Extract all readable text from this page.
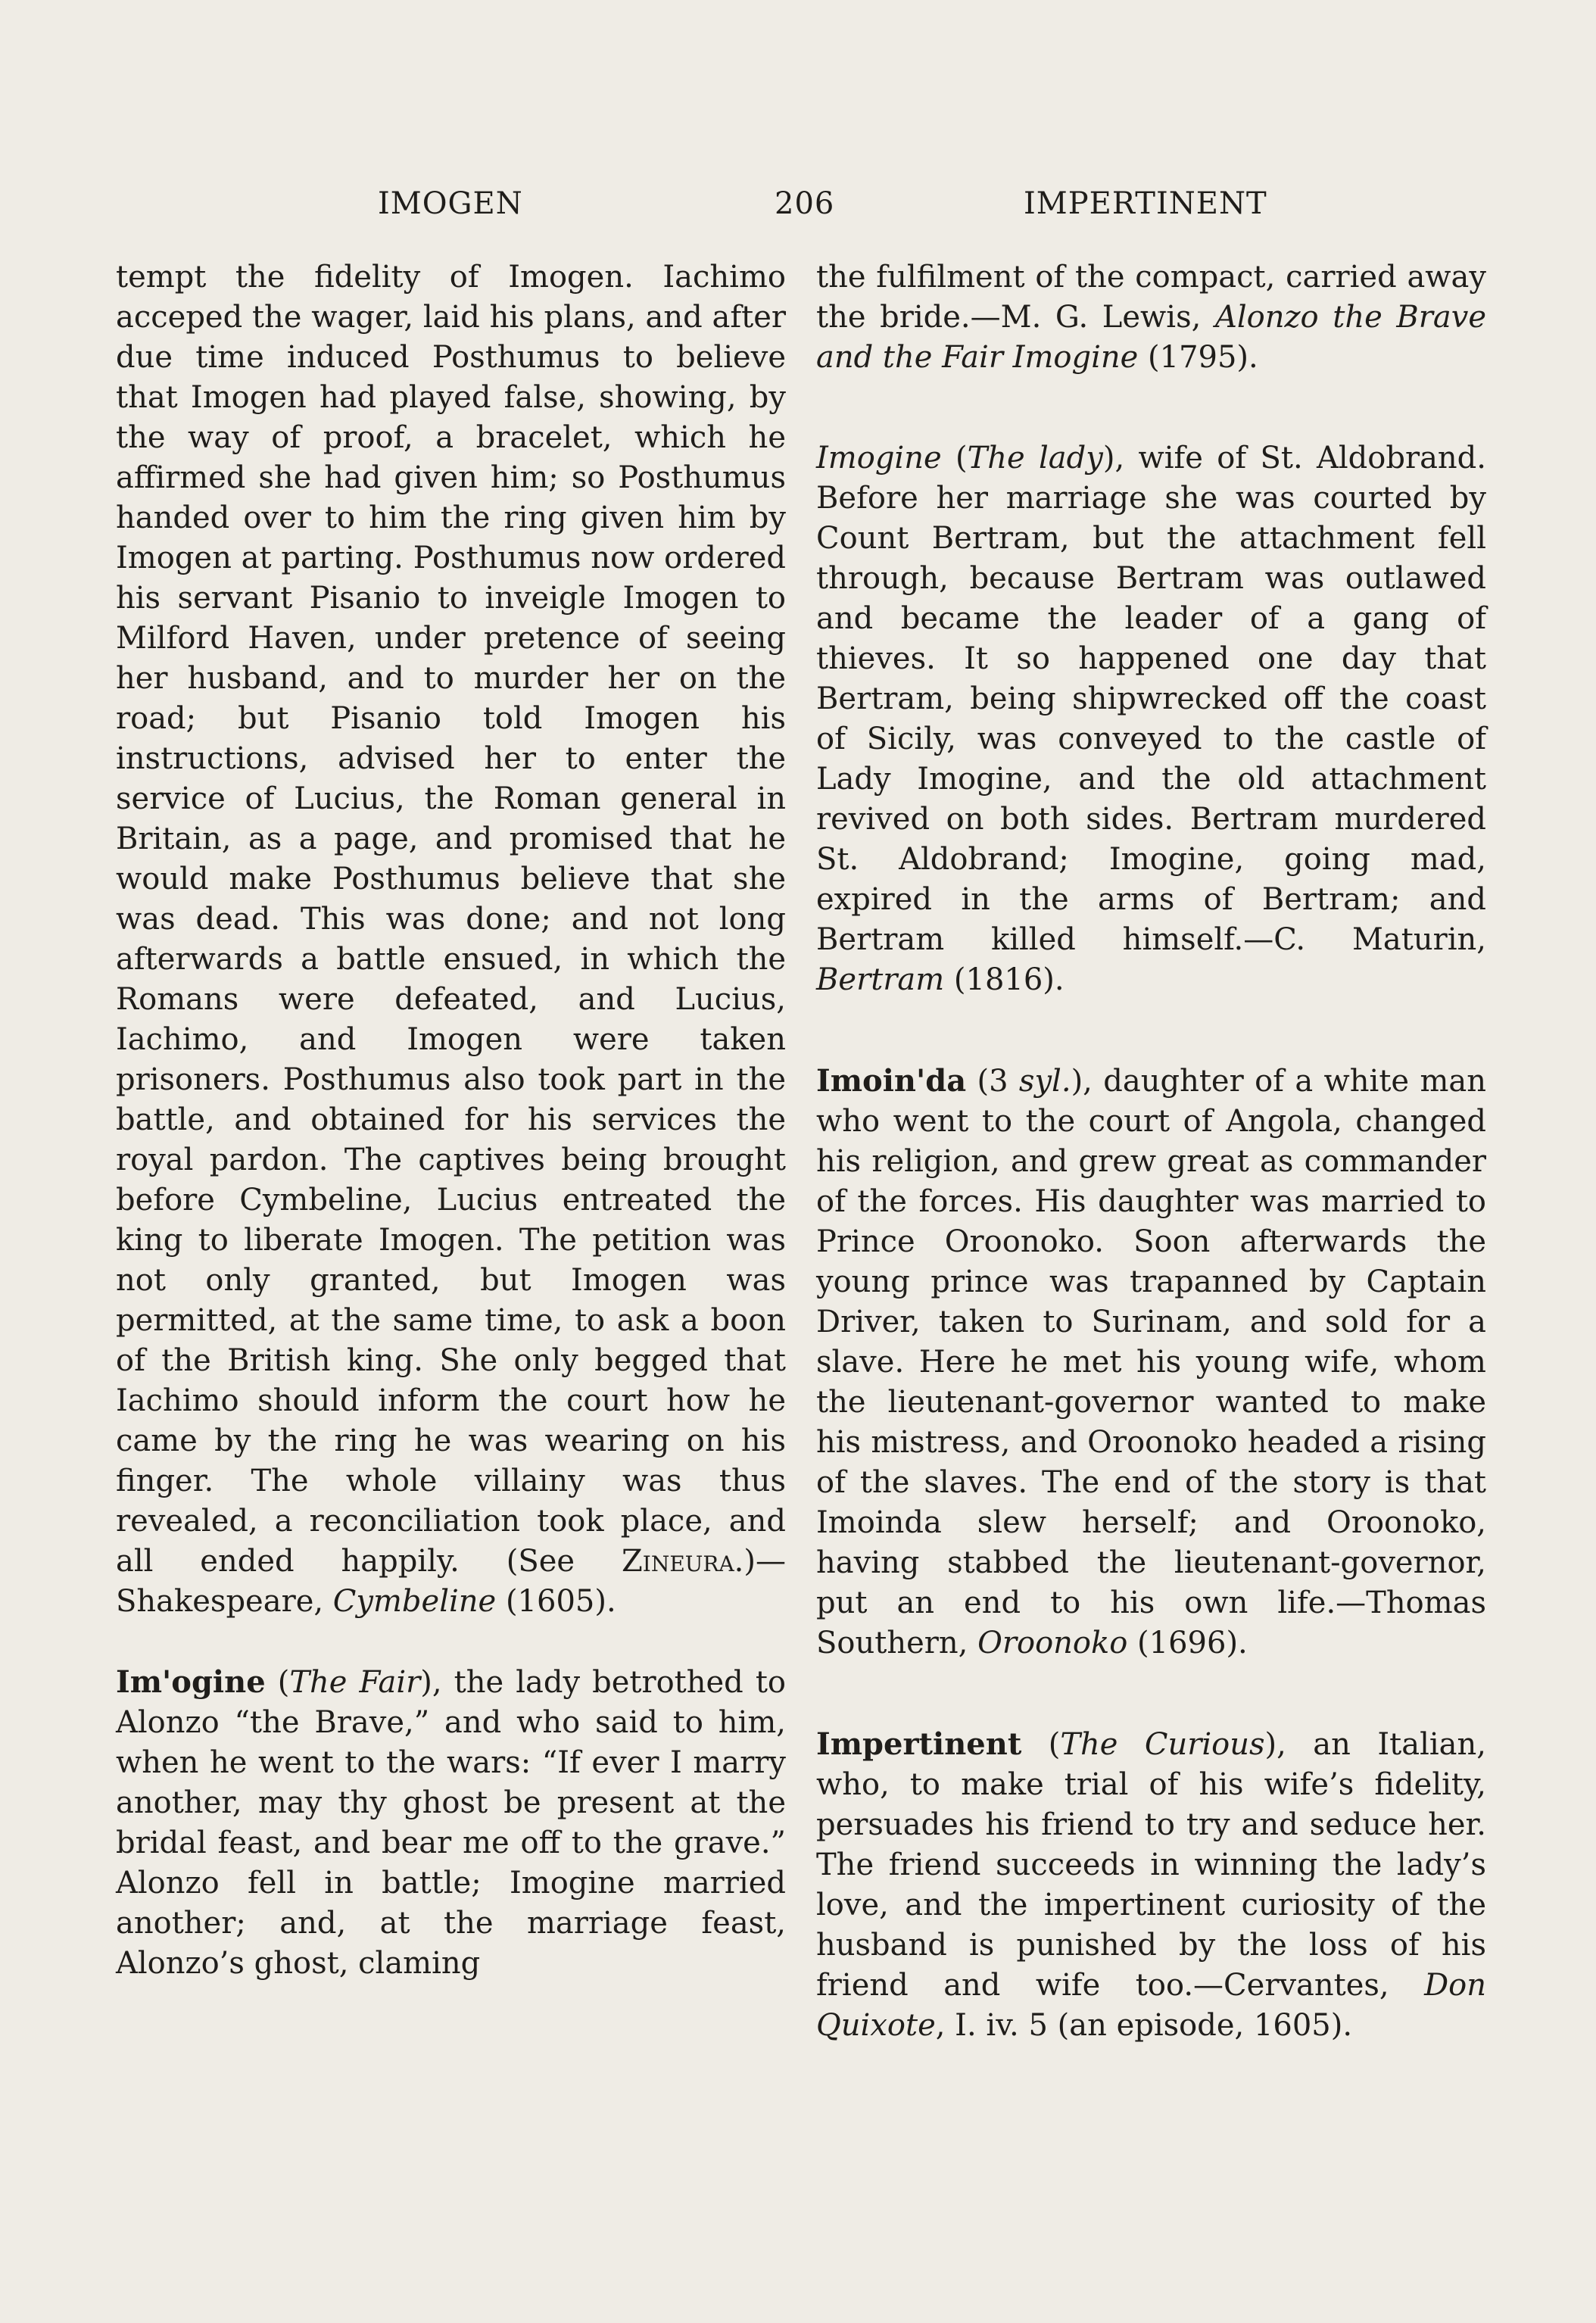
IMOGEN	206	IMPERTINENT

tempt the fidelity of Imogen. Iachimo acceped the wager, laid his plans, and after due time induced Posthumus to believe that Imogen had played false, showing, by the way of proof, a bracelet, which he affirmed she had given him; so Posthumus handed over to him the ring given him by Imogen at parting. Posthumus now ordered his servant Pisanio to inveigle Imogen to Milford Haven, under pretence of seeing her husband, and to murder her on the road; but Pisanio told Imogen his instructions, advised her to enter the service of Lucius, the Roman general in Britain, as a page, and promised that he would make Posthumus believe that she was dead. This was done; and not long afterwards a battle ensued, in which the Romans were defeated, and Lucius, Iachimo, and Imogen were taken prisoners. Posthumus also took part in the battle, and obtained for his services the royal pardon. The captives being brought before Cymbeline, Lucius entreated the king to liberate Imogen. The petition was not only granted, but Imogen was permitted, at the same time, to ask a boon of the British king. She only begged that Iachimo should inform the court how he came by the ring he was wearing on his finger. The whole villainy was thus revealed, a reconciliation took place, and all ended happily. (See Zineura.)—Shakespeare, Cymbeline (1605).

Im'ogine (The Fair), the lady betrothed to Alonzo “the Brave,” and who said to him, when he went to the wars: “If ever I marry another, may thy ghost be present at the bridal feast, and bear me off to the grave.” Alonzo fell in battle; Imogine married another; and, at the marriage feast, Alonzo’s ghost, claming

the fulfilment of the compact, carried away the bride.—M. G. Lewis, Alonzo the Brave and the Fair Imogine (1795).

Imogine (The lady), wife of St. Aldobrand. Before her marriage she was courted by Count Bertram, but the attachment fell through, because Bertram was outlawed and became the leader of a gang of thieves. It so happened one day that Bertram, being shipwrecked off the coast of Sicily, was conveyed to the castle of Lady Imogine, and the old attachment revived on both sides. Bertram murdered St. Aldobrand; Imogine, going mad, expired in the arms of Bertram; and Bertram killed himself.—C. Maturin, Bertram (1816).

Imoin'da (3 syl.), daughter of a white man who went to the court of Angola, changed his religion, and grew great as commander of the forces. His daughter was married to Prince Oroonoko. Soon afterwards the young prince was trapanned by Captain Driver, taken to Surinam, and sold for a slave. Here he met his young wife, whom the lieutenant-governor wanted to make his mistress, and Oroonoko headed a rising of the slaves. The end of the story is that Imoinda slew herself; and Oroonoko, having stabbed the lieutenant-governor, put an end to his own life.—Thomas Southern, Oroonoko (1696).

Impertinent (The Curious), an Italian, who, to make trial of his wife’s fidelity, persuades his friend to try and seduce her. The friend succeeds in winning the lady’s love, and the impertinent curiosity of the husband is punished by the loss of his friend and wife too.—Cervantes, Don Quixote, I. iv. 5 (an episode, 1605).
